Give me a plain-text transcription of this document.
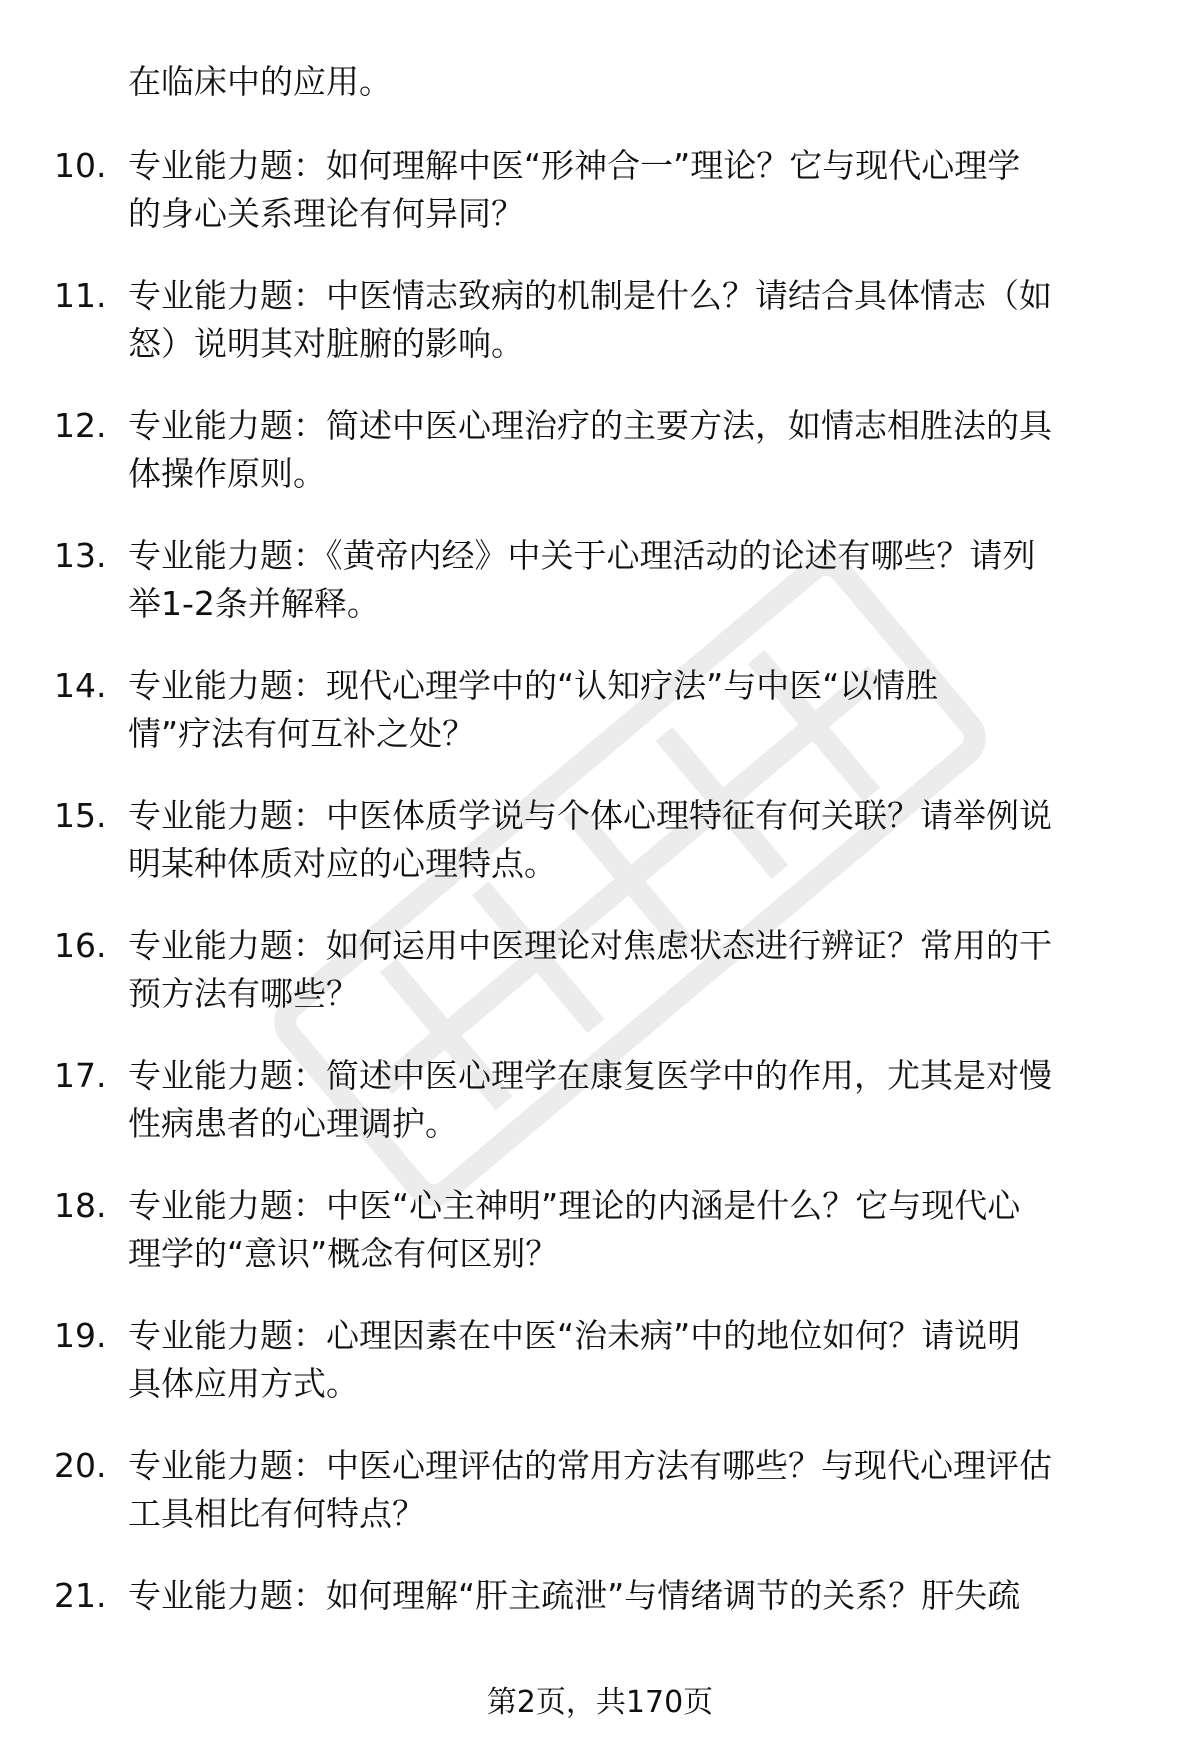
在临床中的应用。
10. 专业能力题：如何理解中医“形神合一”理论？它与现代心理学
的身心关系理论有何异同？
11. 专业能力题：中医情志致病的机制是什么？请结合具体情志（如
怒）说明其对脏腑的影响。
12. 专业能力题：简述中医心理治疗的主要方法，如情志相胜法的具
体操作原则。
13. 专业能力题：《黄帝内经》中关于心理活动的论述有哪些？请列
举1-2条并解释。
14. 专业能力题：现代心理学中的“认知疗法”与中医“以情胜
情”疗法有何互补之处？
15. 专业能力题：中医体质学说与个体心理特征有何关联？请举例说
明某种体质对应的心理特点。
16. 专业能力题：如何运用中医理论对焦虑状态进行辨证？常用的干
预方法有哪些？
17. 专业能力题：简述中医心理学在康复医学中的作用，尤其是对慢
性病患者的心理调护。
18. 专业能力题：中医“心主神明”理论的内涵是什么？它与现代心
理学的“意识”概念有何区别？
19. 专业能力题：心理因素在中医“治未病”中的地位如何？请说明
具体应用方式。
20. 专业能力题：中医心理评估的常用方法有哪些？与现代心理评估
工具相比有何特点？
21. 专业能力题：如何理解“肝主疏泄”与情绪调节的关系？肝失疏
第2页，共170页
